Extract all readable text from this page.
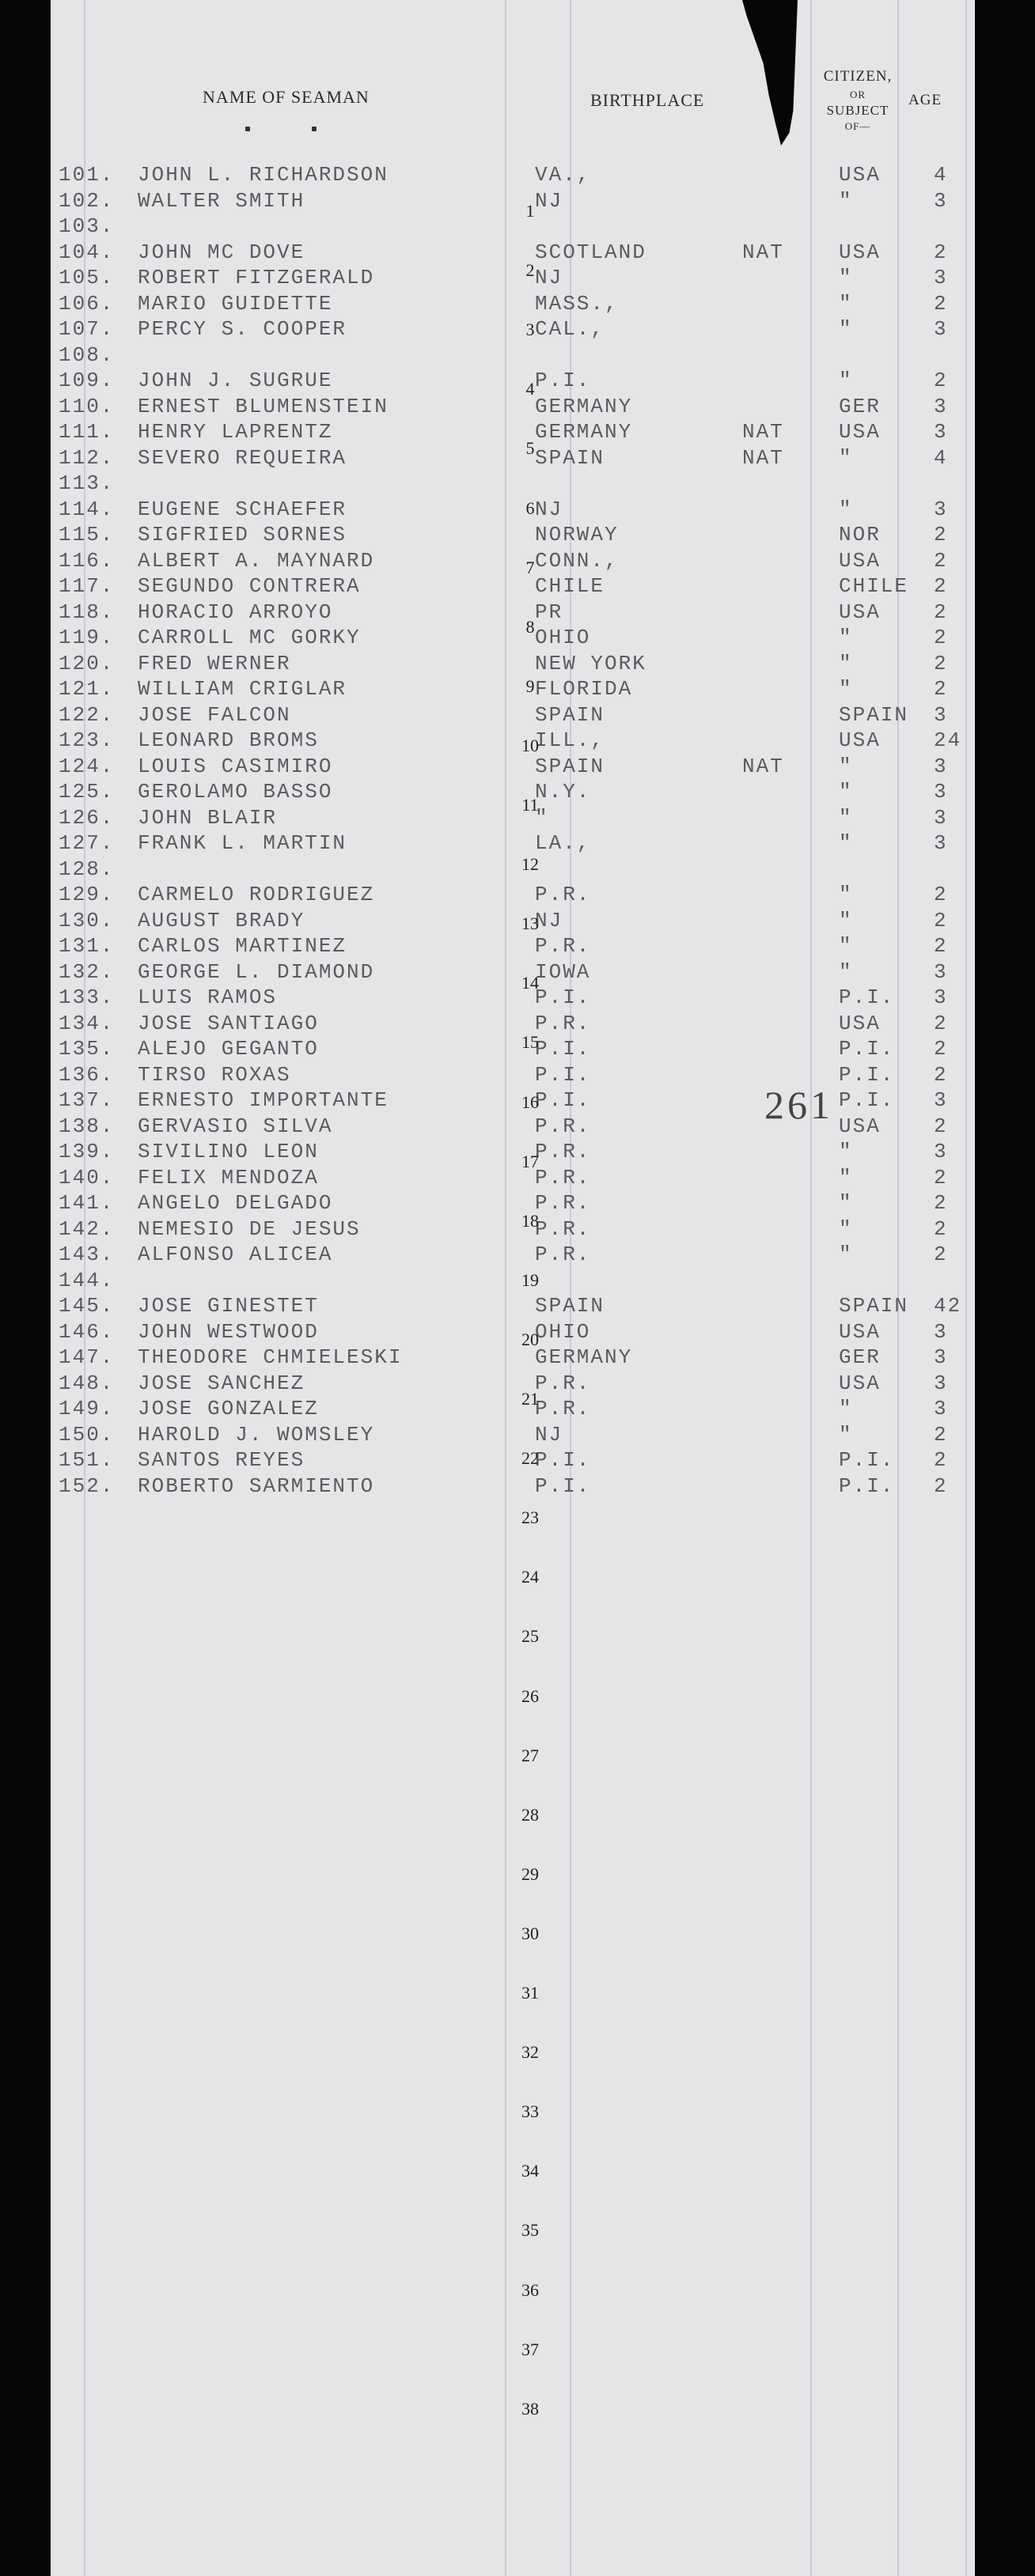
NAME OF SEAMAN	BIRTHPLACE
CITIZEN,
OR
SUBJECT
OF—
AGE
261
101. JOHN L. RICHARDSON	VA.,	USA	4
102. WALTER SMITH	NJ	"	3
103.
104. JOHN MC DOVE	SCOTLAND	NAT	USA	2
105. ROBERT FITZGERALD	NJ	"	3
106. MARIO GUIDETTE	MASS.,	"	2
107. PERCY S. COOPER	CAL.,	"	3
108.
109. JOHN J. SUGRUE	P.I.	"	2
110. ERNEST BLUMENSTEIN	GERMANY	GER	3
111. HENRY LAPRENTZ	GERMANY	NAT	USA	3
112. SEVERO REQUEIRA	SPAIN	NAT	"	4
113.
114. EUGENE SCHAEFER	NJ	"	3
115. SIGFRIED SORNES	NORWAY	NOR	2
116. ALBERT A. MAYNARD	CONN.,	USA	2
117. SEGUNDO CONTRERA	CHILE	CHILE 2
118. HORACIO ARROYO	PR	USA	2
119. CARROLL MC GORKY	OHIO	"	2
120. FRED WERNER	NEW YORK	"	2
121. WILLIAM CRIGLAR	FLORIDA	"	2
122. JOSE FALCON	SPAIN	SPAIN 3
123. LEONARD BROMS	ILL.,	USA	24
124. LOUIS CASIMIRO	SPAIN	NAT	"	3
125. GEROLAMO BASSO	N.Y.	"	3
126. JOHN BLAIR	"	"	3
127. FRANK L. MARTIN	LA.,	"	3
128.
129. CARMELO RODRIGUEZ	P.R.	"	2
130. AUGUST BRADY	NJ	"	2
131. CARLOS MARTINEZ	P.R.	"	2
132. GEORGE L. DIAMOND	IOWA	"	3
133. LUIS RAMOS	P.I.	P.I. 3
134. JOSE SANTIAGO	P.R.	USA	2
135. ALEJO GEGANTO	P.I.	P.I. 2
136. TIRSO ROXAS	P.I.	P.I. 2
137. ERNESTO IMPORTANTE	P.I.	P.I. 3
138. GERVASIO SILVA	P.R.	USA	2
139. SIVILINO LEON	P.R.	"	3
140. FELIX MENDOZA	P.R.	"	2
141. ANGELO DELGADO	P.R.	"	2
142. NEMESIO DE JESUS	P.R.	"	2
143. ALFONSO ALICEA	P.R.	"	2
144.
145. JOSE GINESTET	SPAIN	SPAIN 42
146. JOHN WESTWOOD	OHIO	USA	3
147. THEODORE CHMIELESKI	GERMANY	GER	3
148. JOSE SANCHEZ	P.R.	USA	3
149. JOSE GONZALEZ	P.R.	"	3
150. HAROLD J. WOMSLEY	NJ	"	2
151. SANTOS REYES	P.I.	P.I. 2
152. ROBERTO SARMIENTO	P.I.	P.I. 2
1
2
3
4
5
6
7
8
9
10
11
12
13
14
15
16
17
18
19
20
21
22
23
24
25
26
27
28
29
30
31
32
33
34
35
36
37
38
